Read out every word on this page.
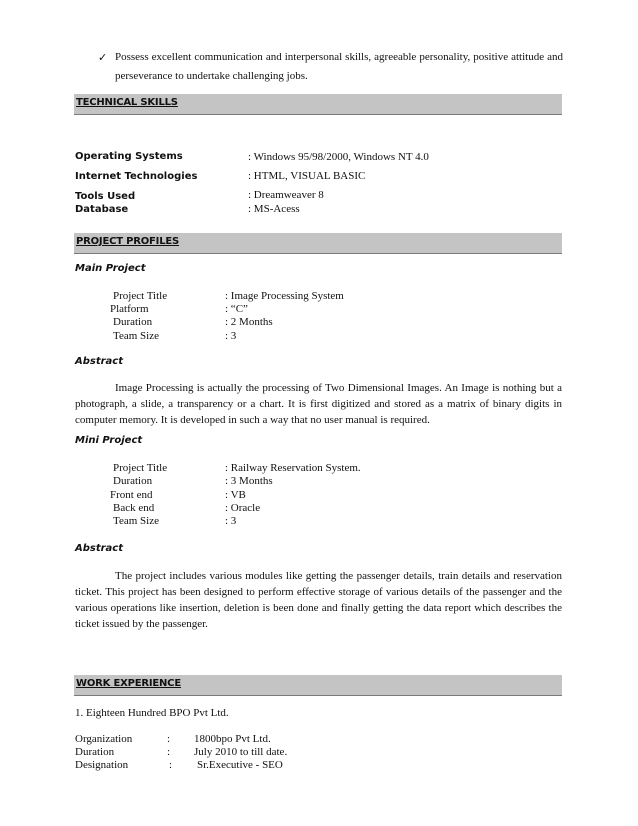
✓ Possess excellent communication and interpersonal skills, agreeable personality, positive attitude and perseverance to undertake challenging jobs.
TECHNICAL SKILLS
Operating Systems	: Windows 95/98/2000, Windows NT 4.0
Internet Technologies	: HTML, VISUAL BASIC
Tools Used	: Dreamweaver 8
Database	: MS-Acess
PROJECT PROFILES
Main Project
Project Title	: Image Processing System
Platform	: “C”
Duration	: 2 Months
Team Size	: 3
Abstract
Image Processing is actually the processing of Two Dimensional Images. An Image is nothing but a photograph, a slide, a transparency or a chart. It is first digitized and stored as a matrix of binary digits in computer memory. It is developed in such a way that no user manual is required.
Mini Project
Project Title	: Railway Reservation System.
Duration	: 3 Months
Front end	: VB
Back end	: Oracle
Team Size	: 3
Abstract
The project includes various modules like getting the passenger details, train details and reservation ticket. This project has been designed to perform effective storage of various details of the passenger and the various operations like insertion, deletion is been done and finally getting the data report which describes the ticket issued by the passenger.
WORK EXPERIENCE
1. Eighteen Hundred BPO Pvt Ltd.
Organization	: 1800bpo Pvt Ltd.
Duration	: July 2010 to till date.
Designation	: Sr.Executive - SEO
